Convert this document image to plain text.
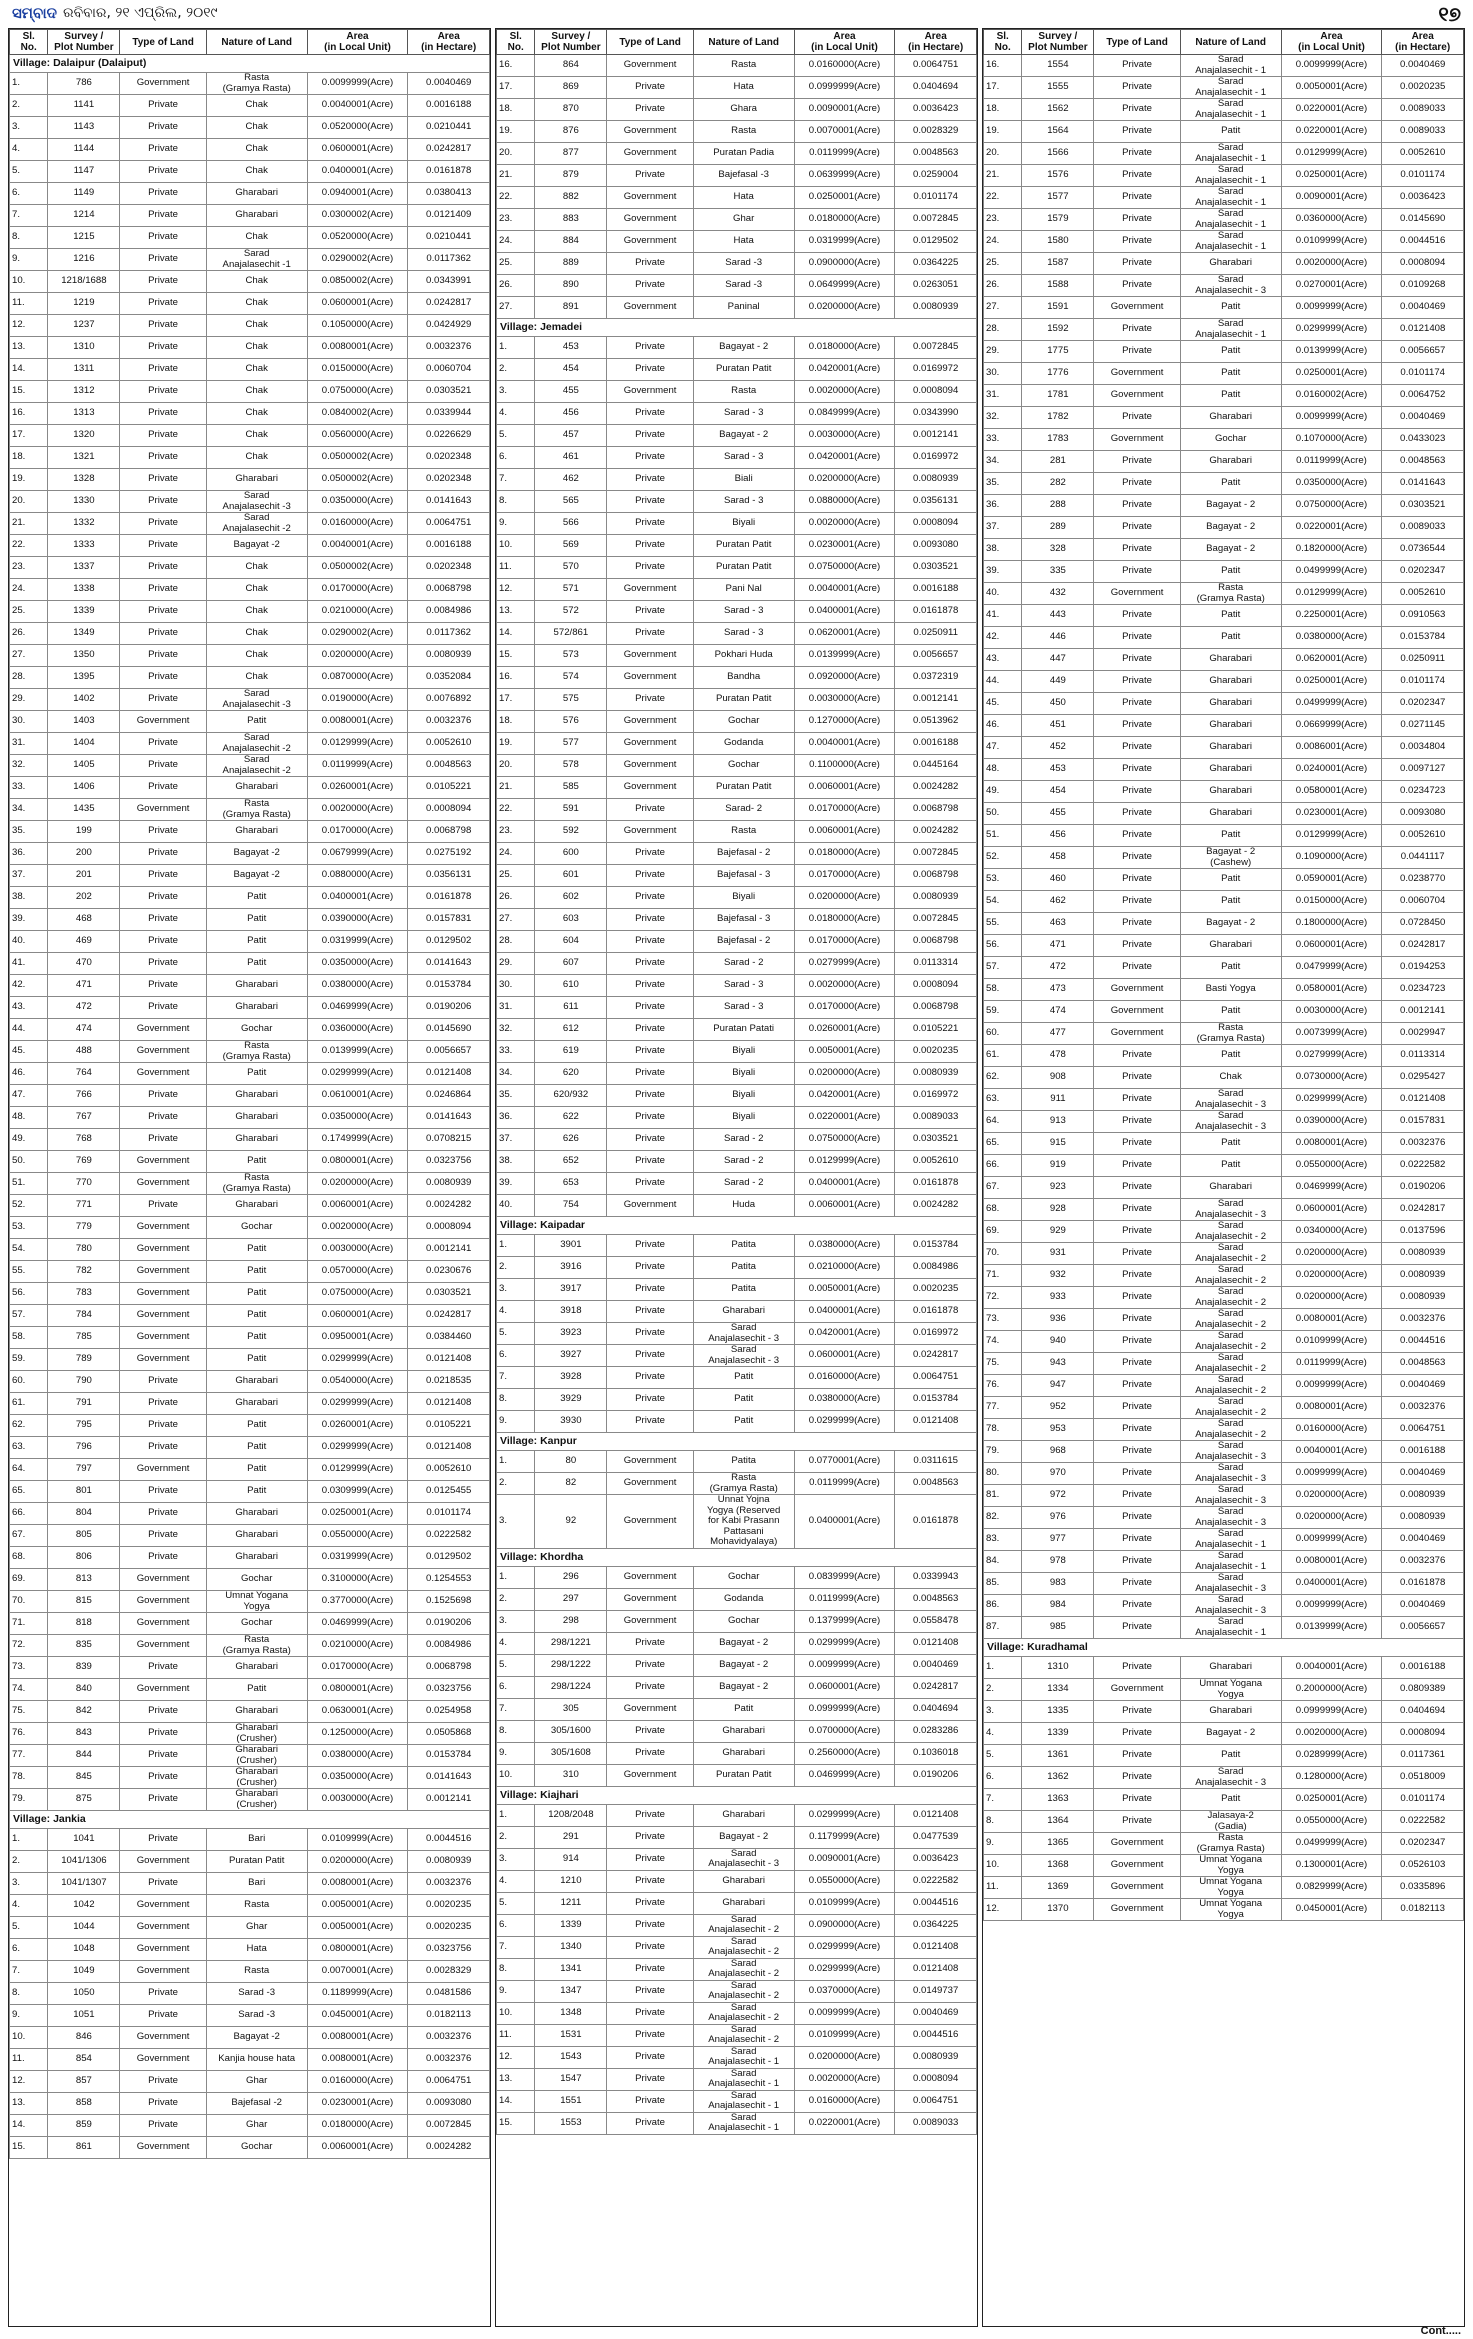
ସମ୍ବାଦ ରବିବାର, ୨୧ ଏପ୍ରିଲ, ୨୦୧୯	୧୭
Sl.
No.	Survey /
Plot Number	Type of Land	Nature of Land	Area
(in Local Unit)	Area
(in Hectare)
Village: Dalaipur (Dalaiput)					
1.	786	Government	Rasta
(Gramya Rasta)	0.0099999(Acre)	0.0040469
2.	1141	Private	Chak	0.0040001(Acre)	0.0016188
3.	1143	Private	Chak	0.0520000(Acre)	0.0210441
4.	1144	Private	Chak	0.0600001(Acre)	0.0242817
5.	1147	Private	Chak	0.0400001(Acre)	0.0161878
6.	1149	Private	Gharabari	0.0940001(Acre)	0.0380413
7.	1214	Private	Gharabari	0.0300002(Acre)	0.0121409
8.	1215	Private	Chak	0.0520000(Acre)	0.0210441
9.	1216	Private	Sarad
Anajalasechit -1	0.0290002(Acre)	0.0117362
10.	1218/1688	Private	Chak	0.0850002(Acre)	0.0343991
11.	1219	Private	Chak	0.0600001(Acre)	0.0242817
12.	1237	Private	Chak	0.1050000(Acre)	0.0424929
13.	1310	Private	Chak	0.0080001(Acre)	0.0032376
14.	1311	Private	Chak	0.0150000(Acre)	0.0060704
15.	1312	Private	Chak	0.0750000(Acre)	0.0303521
16.	1313	Private	Chak	0.0840002(Acre)	0.0339944
17.	1320	Private	Chak	0.0560000(Acre)	0.0226629
18.	1321	Private	Chak	0.0500002(Acre)	0.0202348
19.	1328	Private	Gharabari	0.0500002(Acre)	0.0202348
20.	1330	Private	Sarad
Anajalasechit -3	0.0350000(Acre)	0.0141643
21.	1332	Private	Sarad
Anajalasechit -2	0.0160000(Acre)	0.0064751
22.	1333	Private	Bagayat -2	0.0040001(Acre)	0.0016188
23.	1337	Private	Chak	0.0500002(Acre)	0.0202348
24.	1338	Private	Chak	0.0170000(Acre)	0.0068798
25.	1339	Private	Chak	0.0210000(Acre)	0.0084986
26.	1349	Private	Chak	0.0290002(Acre)	0.0117362
27.	1350	Private	Chak	0.0200000(Acre)	0.0080939
28.	1395	Private	Chak	0.0870000(Acre)	0.0352084
29.	1402	Private	Sarad
Anajalasechit -3	0.0190000(Acre)	0.0076892
30.	1403	Government	Patit	0.0080001(Acre)	0.0032376
31.	1404	Private	Sarad
Anajalasechit -2	0.0129999(Acre)	0.0052610
32.	1405	Private	Sarad
Anajalasechit -2	0.0119999(Acre)	0.0048563
33.	1406	Private	Gharabari	0.0260001(Acre)	0.0105221
34.	1435	Government	Rasta
(Gramya Rasta)	0.0020000(Acre)	0.0008094
35.	199	Private	Gharabari	0.0170000(Acre)	0.0068798
36.	200	Private	Bagayat -2	0.0679999(Acre)	0.0275192
37.	201	Private	Bagayat -2	0.0880000(Acre)	0.0356131
38.	202	Private	Patit	0.0400001(Acre)	0.0161878
39.	468	Private	Patit	0.0390000(Acre)	0.0157831
40.	469	Private	Patit	0.0319999(Acre)	0.0129502
41.	470	Private	Patit	0.0350000(Acre)	0.0141643
42.	471	Private	Gharabari	0.0380000(Acre)	0.0153784
43.	472	Private	Gharabari	0.0469999(Acre)	0.0190206
44.	474	Government	Gochar	0.0360000(Acre)	0.0145690
45.	488	Government	Rasta
(Gramya Rasta)	0.0139999(Acre)	0.0056657
46.	764	Government	Patit	0.0299999(Acre)	0.0121408
47.	766	Private	Gharabari	0.0610001(Acre)	0.0246864
48.	767	Private	Gharabari	0.0350000(Acre)	0.0141643
49.	768	Private	Gharabari	0.1749999(Acre)	0.0708215
50.	769	Government	Patit	0.0800001(Acre)	0.0323756
51.	770	Government	Rasta
(Gramya Rasta)	0.0200000(Acre)	0.0080939
52.	771	Private	Gharabari	0.0060001(Acre)	0.0024282
53.	779	Government	Gochar	0.0020000(Acre)	0.0008094
54.	780	Government	Patit	0.0030000(Acre)	0.0012141
55.	782	Government	Patit	0.0570000(Acre)	0.0230676
56.	783	Government	Patit	0.0750000(Acre)	0.0303521
57.	784	Government	Patit	0.0600001(Acre)	0.0242817
58.	785	Government	Patit	0.0950001(Acre)	0.0384460
59.	789	Government	Patit	0.0299999(Acre)	0.0121408
60.	790	Private	Gharabari	0.0540000(Acre)	0.0218535
61.	791	Private	Gharabari	0.0299999(Acre)	0.0121408
62.	795	Private	Patit	0.0260001(Acre)	0.0105221
63.	796	Private	Patit	0.0299999(Acre)	0.0121408
64.	797	Government	Patit	0.0129999(Acre)	0.0052610
65.	801	Private	Patit	0.0309999(Acre)	0.0125455
66.	804	Private	Gharabari	0.0250001(Acre)	0.0101174
67.	805	Private	Gharabari	0.0550000(Acre)	0.0222582
68.	806	Private	Gharabari	0.0319999(Acre)	0.0129502
69.	813	Government	Gochar	0.3100000(Acre)	0.1254553
70.	815	Government	Umnat Yogana
Yogya	0.3770000(Acre)	0.1525698
71.	818	Government	Gochar	0.0469999(Acre)	0.0190206
72.	835	Government	Rasta
(Gramya Rasta)	0.0210000(Acre)	0.0084986
73.	839	Private	Gharabari	0.0170000(Acre)	0.0068798
74.	840	Government	Patit	0.0800001(Acre)	0.0323756
75.	842	Private	Gharabari	0.0630001(Acre)	0.0254958
76.	843	Private	Gharabari
(Crusher)	0.1250000(Acre)	0.0505868
77.	844	Private	Gharabari
(Crusher)	0.0380000(Acre)	0.0153784
78.	845	Private	Gharabari
(Crusher)	0.0350000(Acre)	0.0141643
79.	875	Private	Gharabari
(Crusher)	0.0030000(Acre)	0.0012141
Village: Jankia					
1.	1041	Private	Bari	0.0109999(Acre)	0.0044516
2.	1041/1306	Government	Puratan Patit	0.0200000(Acre)	0.0080939
3.	1041/1307	Private	Bari	0.0080001(Acre)	0.0032376
4.	1042	Government	Rasta	0.0050001(Acre)	0.0020235
5.	1044	Government	Ghar	0.0050001(Acre)	0.0020235
6.	1048	Government	Hata	0.0800001(Acre)	0.0323756
7.	1049	Government	Rasta	0.0070001(Acre)	0.0028329
8.	1050	Private	Sarad -3	0.1189999(Acre)	0.0481586
9.	1051	Private	Sarad -3	0.0450001(Acre)	0.0182113
10.	846	Government	Bagayat -2	0.0080001(Acre)	0.0032376
11.	854	Government	Kanjia house hata	0.0080001(Acre)	0.0032376
12.	857	Private	Ghar	0.0160000(Acre)	0.0064751
13.	858	Private	Bajefasal -2	0.0230001(Acre)	0.0093080
14.	859	Private	Ghar	0.0180000(Acre)	0.0072845
15.	861	Government	Gochar	0.0060001(Acre)	0.0024282
Sl.
No.	Survey /
Plot Number	Type of Land	Nature of Land	Area
(in Local Unit)	Area
(in Hectare)
16.	864	Government	Rasta	0.0160000(Acre)	0.0064751
17.	869	Private	Hata	0.0999999(Acre)	0.0404694
18.	870	Private	Ghara	0.0090001(Acre)	0.0036423
19.	876	Government	Rasta	0.0070001(Acre)	0.0028329
20.	877	Government	Puratan Padia	0.0119999(Acre)	0.0048563
21.	879	Private	Bajefasal -3	0.0639999(Acre)	0.0259004
22.	882	Government	Hata	0.0250001(Acre)	0.0101174
23.	883	Government	Ghar	0.0180000(Acre)	0.0072845
24.	884	Government	Hata	0.0319999(Acre)	0.0129502
25.	889	Private	Sarad -3	0.0900000(Acre)	0.0364225
26.	890	Private	Sarad -3	0.0649999(Acre)	0.0263051
27.	891	Government	Paninal	0.0200000(Acre)	0.0080939
Village: Jemadei					
1.	453	Private	Bagayat - 2	0.0180000(Acre)	0.0072845
2.	454	Private	Puratan Patit	0.0420001(Acre)	0.0169972
3.	455	Government	Rasta	0.0020000(Acre)	0.0008094
4.	456	Private	Sarad - 3	0.0849999(Acre)	0.0343990
5.	457	Private	Bagayat - 2	0.0030000(Acre)	0.0012141
6.	461	Private	Sarad - 3	0.0420001(Acre)	0.0169972
7.	462	Private	Biali	0.0200000(Acre)	0.0080939
8.	565	Private	Sarad - 3	0.0880000(Acre)	0.0356131
9.	566	Private	Biyali	0.0020000(Acre)	0.0008094
10.	569	Private	Puratan Patit	0.0230001(Acre)	0.0093080
11.	570	Private	Puratan Patit	0.0750000(Acre)	0.0303521
12.	571	Government	Pani Nal	0.0040001(Acre)	0.0016188
13.	572	Private	Sarad - 3	0.0400001(Acre)	0.0161878
14.	572/861	Private	Sarad - 3	0.0620001(Acre)	0.0250911
15.	573	Government	Pokhari Huda	0.0139999(Acre)	0.0056657
16.	574	Government	Bandha	0.0920000(Acre)	0.0372319
17.	575	Private	Puratan Patit	0.0030000(Acre)	0.0012141
18.	576	Government	Gochar	0.1270000(Acre)	0.0513962
19.	577	Government	Godanda	0.0040001(Acre)	0.0016188
20.	578	Government	Gochar	0.1100000(Acre)	0.0445164
21.	585	Government	Puratan Patit	0.0060001(Acre)	0.0024282
22.	591	Private	Sarad- 2	0.0170000(Acre)	0.0068798
23.	592	Government	Rasta	0.0060001(Acre)	0.0024282
24.	600	Private	Bajefasal - 2	0.0180000(Acre)	0.0072845
25.	601	Private	Bajefasal - 3	0.0170000(Acre)	0.0068798
26.	602	Private	Biyali	0.0200000(Acre)	0.0080939
27.	603	Private	Bajefasal - 3	0.0180000(Acre)	0.0072845
28.	604	Private	Bajefasal - 2	0.0170000(Acre)	0.0068798
29.	607	Private	Sarad - 2	0.0279999(Acre)	0.0113314
30.	610	Private	Sarad - 3	0.0020000(Acre)	0.0008094
31.	611	Private	Sarad - 3	0.0170000(Acre)	0.0068798
32.	612	Private	Puratan Patati	0.0260001(Acre)	0.0105221
33.	619	Private	Biyali	0.0050001(Acre)	0.0020235
34.	620	Private	Biyali	0.0200000(Acre)	0.0080939
35.	620/932	Private	Biyali	0.0420001(Acre)	0.0169972
36.	622	Private	Biyali	0.0220001(Acre)	0.0089033
37.	626	Private	Sarad - 2	0.0750000(Acre)	0.0303521
38.	652	Private	Sarad - 2	0.0129999(Acre)	0.0052610
39.	653	Private	Sarad - 2	0.0400001(Acre)	0.0161878
40.	754	Government	Huda	0.0060001(Acre)	0.0024282
Village: Kaipadar					
1.	3901	Private	Patita	0.0380000(Acre)	0.0153784
2.	3916	Private	Patita	0.0210000(Acre)	0.0084986
3.	3917	Private	Patita	0.0050001(Acre)	0.0020235
4.	3918	Private	Gharabari	0.0400001(Acre)	0.0161878
5.	3923	Private	Sarad
Anajalasechit - 3	0.0420001(Acre)	0.0169972
6.	3927	Private	Sarad
Anajalasechit - 3	0.0600001(Acre)	0.0242817
7.	3928	Private	Patit	0.0160000(Acre)	0.0064751
8.	3929	Private	Patit	0.0380000(Acre)	0.0153784
9.	3930	Private	Patit	0.0299999(Acre)	0.0121408
Village: Kanpur					
1.	80	Government	Patita	0.0770001(Acre)	0.0311615
2.	82	Government	Rasta
(Gramya Rasta)	0.0119999(Acre)	0.0048563
3.	92	Government	Unnat Yojna
Yogya (Reserved
for Kabi Prasann
Pattasani
Mohavidyalaya)	0.0400001(Acre)	0.0161878
Village: Khordha					
1.	296	Government	Gochar	0.0839999(Acre)	0.0339943
2.	297	Government	Godanda	0.0119999(Acre)	0.0048563
3.	298	Government	Gochar	0.1379999(Acre)	0.0558478
4.	298/1221	Private	Bagayat - 2	0.0299999(Acre)	0.0121408
5.	298/1222	Private	Bagayat - 2	0.0099999(Acre)	0.0040469
6.	298/1224	Private	Bagayat - 2	0.0600001(Acre)	0.0242817
7.	305	Government	Patit	0.0999999(Acre)	0.0404694
8.	305/1600	Private	Gharabari	0.0700000(Acre)	0.0283286
9.	305/1608	Private	Gharabari	0.2560000(Acre)	0.1036018
10.	310	Government	Puratan Patit	0.0469999(Acre)	0.0190206
Village: Kiajhari					
1.	1208/2048	Private	Gharabari	0.0299999(Acre)	0.0121408
2.	291	Private	Bagayat - 2	0.1179999(Acre)	0.0477539
3.	914	Private	Sarad
Anajalasechit - 3	0.0090001(Acre)	0.0036423
4.	1210	Private	Gharabari	0.0550000(Acre)	0.0222582
5.	1211	Private	Gharabari	0.0109999(Acre)	0.0044516
6.	1339	Private	Sarad
Anajalasechit - 2	0.0900000(Acre)	0.0364225
7.	1340	Private	Sarad
Anajalasechit - 2	0.0299999(Acre)	0.0121408
8.	1341	Private	Sarad
Anajalasechit - 2	0.0299999(Acre)	0.0121408
9.	1347	Private	Sarad
Anajalasechit - 2	0.0370000(Acre)	0.0149737
10.	1348	Private	Sarad
Anajalasechit - 2	0.0099999(Acre)	0.0040469
11.	1531	Private	Sarad
Anajalasechit - 2	0.0109999(Acre)	0.0044516
12.	1543	Private	Sarad
Anajalasechit - 1	0.0200000(Acre)	0.0080939
13.	1547	Private	Sarad
Anajalasechit - 1	0.0020000(Acre)	0.0008094
14.	1551	Private	Sarad
Anajalasechit - 1	0.0160000(Acre)	0.0064751
15.	1553	Private	Sarad
Anajalasechit - 1	0.0220001(Acre)	0.0089033
Sl.
No.	Survey /
Plot Number	Type of Land	Nature of Land	Area
(in Local Unit)	Area
(in Hectare)
16.	1554	Private	Sarad
Anajalasechit - 1	0.0099999(Acre)	0.0040469
17.	1555	Private	Sarad
Anajalasechit - 1	0.0050001(Acre)	0.0020235
18.	1562	Private	Sarad
Anajalasechit - 1	0.0220001(Acre)	0.0089033
19.	1564	Private	Patit	0.0220001(Acre)	0.0089033
20.	1566	Private	Sarad
Anajalasechit - 1	0.0129999(Acre)	0.0052610
21.	1576	Private	Sarad
Anajalasechit - 1	0.0250001(Acre)	0.0101174
22.	1577	Private	Sarad
Anajalasechit - 1	0.0090001(Acre)	0.0036423
23.	1579	Private	Sarad
Anajalasechit - 1	0.0360000(Acre)	0.0145690
24.	1580	Private	Sarad
Anajalasechit - 1	0.0109999(Acre)	0.0044516
25.	1587	Private	Gharabari	0.0020000(Acre)	0.0008094
26.	1588	Private	Sarad
Anajalasechit - 3	0.0270001(Acre)	0.0109268
27.	1591	Government	Patit	0.0099999(Acre)	0.0040469
28.	1592	Private	Sarad
Anajalasechit - 1	0.0299999(Acre)	0.0121408
29.	1775	Private	Patit	0.0139999(Acre)	0.0056657
30.	1776	Government	Patit	0.0250001(Acre)	0.0101174
31.	1781	Government	Patit	0.0160002(Acre)	0.0064752
32.	1782	Private	Gharabari	0.0099999(Acre)	0.0040469
33.	1783	Government	Gochar	0.1070000(Acre)	0.0433023
34.	281	Private	Gharabari	0.0119999(Acre)	0.0048563
35.	282	Private	Patit	0.0350000(Acre)	0.0141643
36.	288	Private	Bagayat - 2	0.0750000(Acre)	0.0303521
37.	289	Private	Bagayat - 2	0.0220001(Acre)	0.0089033
38.	328	Private	Bagayat - 2	0.1820000(Acre)	0.0736544
39.	335	Private	Patit	0.0499999(Acre)	0.0202347
40.	432	Government	Rasta
(Gramya Rasta)	0.0129999(Acre)	0.0052610
41.	443	Private	Patit	0.2250001(Acre)	0.0910563
42.	446	Private	Patit	0.0380000(Acre)	0.0153784
43.	447	Private	Gharabari	0.0620001(Acre)	0.0250911
44.	449	Private	Gharabari	0.0250001(Acre)	0.0101174
45.	450	Private	Gharabari	0.0499999(Acre)	0.0202347
46.	451	Private	Gharabari	0.0669999(Acre)	0.0271145
47.	452	Private	Gharabari	0.0086001(Acre)	0.0034804
48.	453	Private	Gharabari	0.0240001(Acre)	0.0097127
49.	454	Private	Gharabari	0.0580001(Acre)	0.0234723
50.	455	Private	Gharabari	0.0230001(Acre)	0.0093080
51.	456	Private	Patit	0.0129999(Acre)	0.0052610
52.	458	Private	Bagayat - 2
(Cashew)	0.1090000(Acre)	0.0441117
53.	460	Private	Patit	0.0590001(Acre)	0.0238770
54.	462	Private	Patit	0.0150000(Acre)	0.0060704
55.	463	Private	Bagayat - 2	0.1800000(Acre)	0.0728450
56.	471	Private	Gharabari	0.0600001(Acre)	0.0242817
57.	472	Private	Patit	0.0479999(Acre)	0.0194253
58.	473	Government	Basti Yogya	0.0580001(Acre)	0.0234723
59.	474	Government	Patit	0.0030000(Acre)	0.0012141
60.	477	Government	Rasta
(Gramya Rasta)	0.0073999(Acre)	0.0029947
61.	478	Private	Patit	0.0279999(Acre)	0.0113314
62.	908	Private	Chak	0.0730000(Acre)	0.0295427
63.	911	Private	Sarad
Anajalasechit - 3	0.0299999(Acre)	0.0121408
64.	913	Private	Sarad
Anajalasechit - 3	0.0390000(Acre)	0.0157831
65.	915	Private	Patit	0.0080001(Acre)	0.0032376
66.	919	Private	Patit	0.0550000(Acre)	0.0222582
67.	923	Private	Gharabari	0.0469999(Acre)	0.0190206
68.	928	Private	Sarad
Anajalasechit - 3	0.0600001(Acre)	0.0242817
69.	929	Private	Sarad
Anajalasechit - 2	0.0340000(Acre)	0.0137596
70.	931	Private	Sarad
Anajalasechit - 2	0.0200000(Acre)	0.0080939
71.	932	Private	Sarad
Anajalasechit - 2	0.0200000(Acre)	0.0080939
72.	933	Private	Sarad
Anajalasechit - 2	0.0200000(Acre)	0.0080939
73.	936	Private	Sarad
Anajalasechit - 2	0.0080001(Acre)	0.0032376
74.	940	Private	Sarad
Anajalasechit - 2	0.0109999(Acre)	0.0044516
75.	943	Private	Sarad
Anajalasechit - 2	0.0119999(Acre)	0.0048563
76.	947	Private	Sarad
Anajalasechit - 2	0.0099999(Acre)	0.0040469
77.	952	Private	Sarad
Anajalasechit - 2	0.0080001(Acre)	0.0032376
78.	953	Private	Sarad
Anajalasechit - 2	0.0160000(Acre)	0.0064751
79.	968	Private	Sarad
Anajalasechit - 3	0.0040001(Acre)	0.0016188
80.	970	Private	Sarad
Anajalasechit - 3	0.0099999(Acre)	0.0040469
81.	972	Private	Sarad
Anajalasechit - 3	0.0200000(Acre)	0.0080939
82.	976	Private	Sarad
Anajalasechit - 3	0.0200000(Acre)	0.0080939
83.	977	Private	Sarad
Anajalasechit - 1	0.0099999(Acre)	0.0040469
84.	978	Private	Sarad
Anajalasechit - 1	0.0080001(Acre)	0.0032376
85.	983	Private	Sarad
Anajalasechit - 3	0.0400001(Acre)	0.0161878
86.	984	Private	Sarad
Anajalasechit - 3	0.0099999(Acre)	0.0040469
87.	985	Private	Sarad
Anajalasechit - 1	0.0139999(Acre)	0.0056657
Village: Kuradhamal					
1.	1310	Private	Gharabari	0.0040001(Acre)	0.0016188
2.	1334	Government	Umnat Yogana
Yogya	0.2000000(Acre)	0.0809389
3.	1335	Private	Gharabari	0.0999999(Acre)	0.0404694
4.	1339	Private	Bagayat - 2	0.0020000(Acre)	0.0008094
5.	1361	Private	Patit	0.0289999(Acre)	0.0117361
6.	1362	Private	Sarad
Anajalasechit - 3	0.1280000(Acre)	0.0518009
7.	1363	Private	Patit	0.0250001(Acre)	0.0101174
8.	1364	Private	Jalasaya-2
(Gadia)	0.0550000(Acre)	0.0222582
9.	1365	Government	Rasta
(Gramya Rasta)	0.0499999(Acre)	0.0202347
10.	1368	Government	Umnat Yogana
Yogya	0.1300001(Acre)	0.0526103
11.	1369	Government	Umnat Yogana
Yogya	0.0829999(Acre)	0.0335896
12.	1370	Government	Umnat Yogana
Yogya	0.0450001(Acre)	0.0182113
Cont.....
